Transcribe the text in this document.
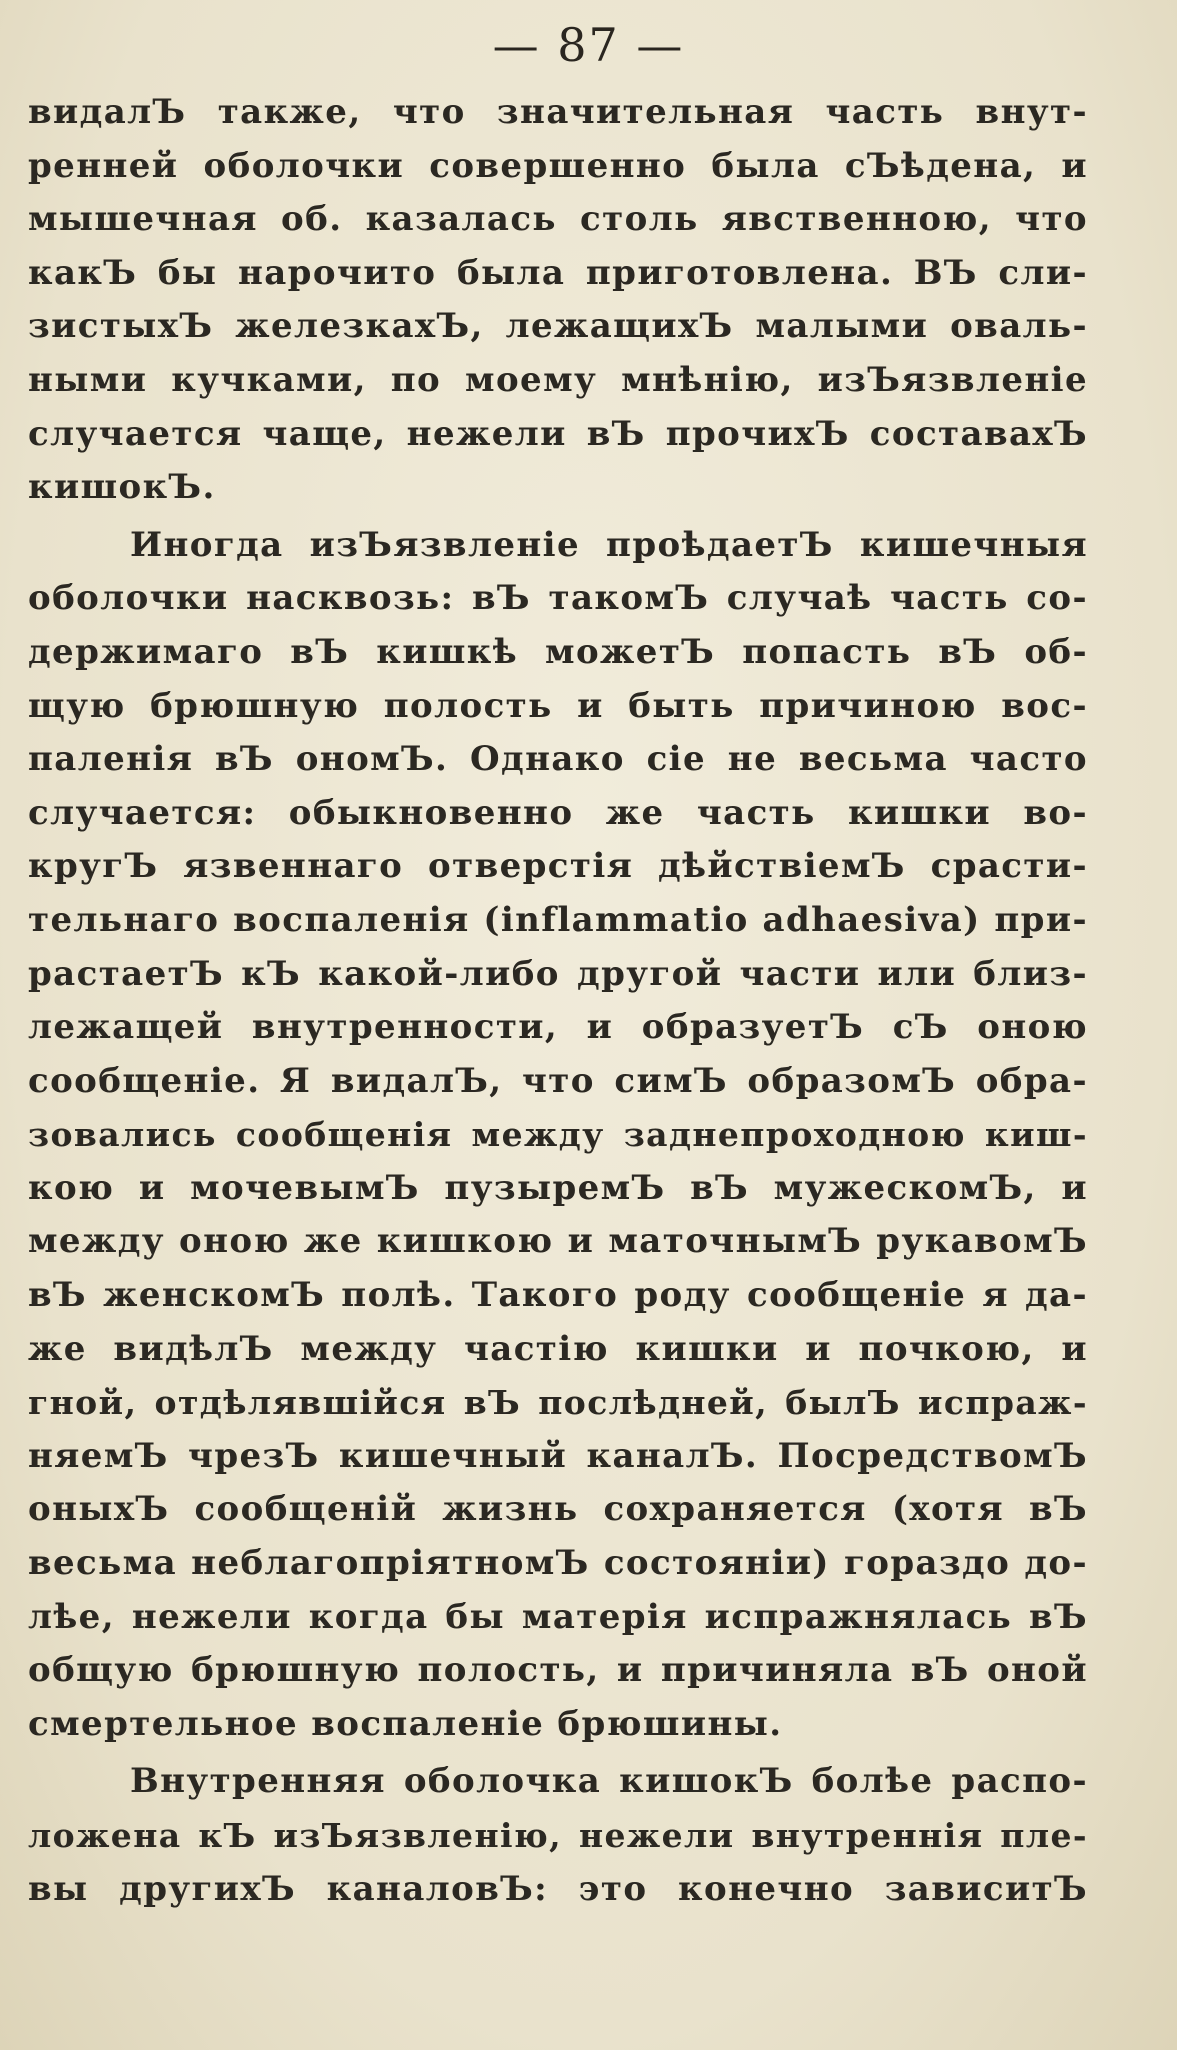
— 87 —
видалЪ также, что значительная часть внут-
ренней оболочки совершенно была сЪѣдена, и
мышечная об. казалась столь явственною, что
какЪ бы нарочито была приготовлена. ВЪ сли-
зистыхЪ железкахЪ, лежащихЪ малыми оваль-
ными кучками, по моему мнѣнію, изЪязвленіе
случается чаще, нежели вЪ прочихЪ составахЪ
кишокЪ.
Иногда изЪязвленіе проѣдаетЪ кишечныя
оболочки насквозь: вЪ такомЪ случаѣ часть со-
держимаго вЪ кишкѣ можетЪ попасть вЪ об-
щую брюшную полость и быть причиною вос-
паленія вЪ ономЪ. Однако сіе не весьма часто
случается: обыкновенно же часть кишки во-
кругЪ язвеннаго отверстія дѣйствіемЪ срасти-
тельнаго воспаленія (inflammatio adhaesiva) при-
растаетЪ кЪ какой-либо другой части или близ-
лежащей внутренности, и образуетЪ сЪ оною
сообщеніе. Я видалЪ, что симЪ образомЪ обра-
зовались сообщенія между заднепроходною киш-
кою и мочевымЪ пузыремЪ вЪ мужескомЪ, и
между оною же кишкою и маточнымЪ рукавомЪ
вЪ женскомЪ полѣ. Такого роду сообщеніе я да-
же видѣлЪ между частію кишки и почкою, и
гной, отдѣлявшійся вЪ послѣдней, былЪ испраж-
няемЪ чрезЪ кишечный каналЪ. ПосредствомЪ
оныхЪ сообщеній жизнь сохраняется (хотя вЪ
весьма неблагопріятномЪ состояніи) гораздо до-
лѣе, нежели когда бы матерія испражнялась вЪ
общую брюшную полость, и причиняла вЪ оной
смертельное воспаленіе брюшины.
Внутренняя оболочка кишокЪ болѣе распо-
ложена кЪ изЪязвленію, нежели внутреннія пле-
вы другихЪ каналовЪ: это конечно зависитЪ
